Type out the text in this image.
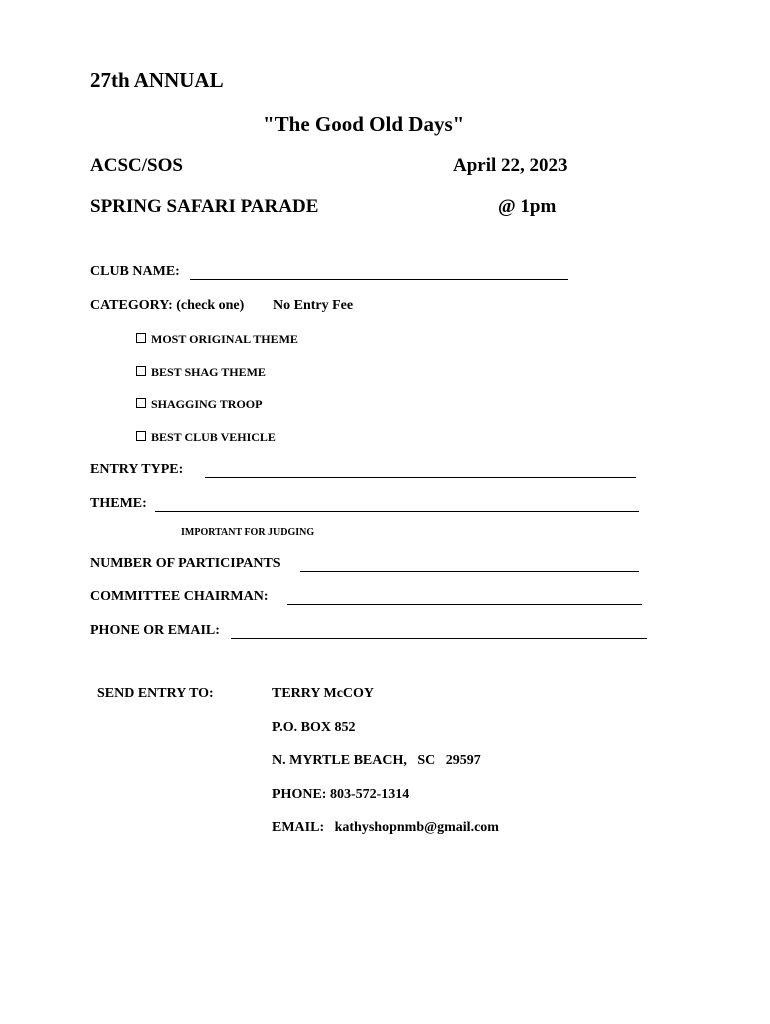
27th ANNUAL
"The Good Old Days"
ACSC/SOS	April 22, 2023
SPRING SAFARI PARADE	@ 1pm
CLUB NAME:
CATEGORY: (check one) No Entry Fee
MOST ORIGINAL THEME
BEST SHAG THEME
SHAGGING TROOP
BEST CLUB VEHICLE
ENTRY TYPE:
THEME:
IMPORTANT FOR JUDGING
NUMBER OF PARTICIPANTS
COMMITTEE CHAIRMAN:
PHONE OR EMAIL:
SEND ENTRY TO:	TERRY McCOY
P.O. BOX 852
N. MYRTLE BEACH,   SC   29597
PHONE: 803-572-1314
EMAIL:   kathyshopnmb@gmail.com
